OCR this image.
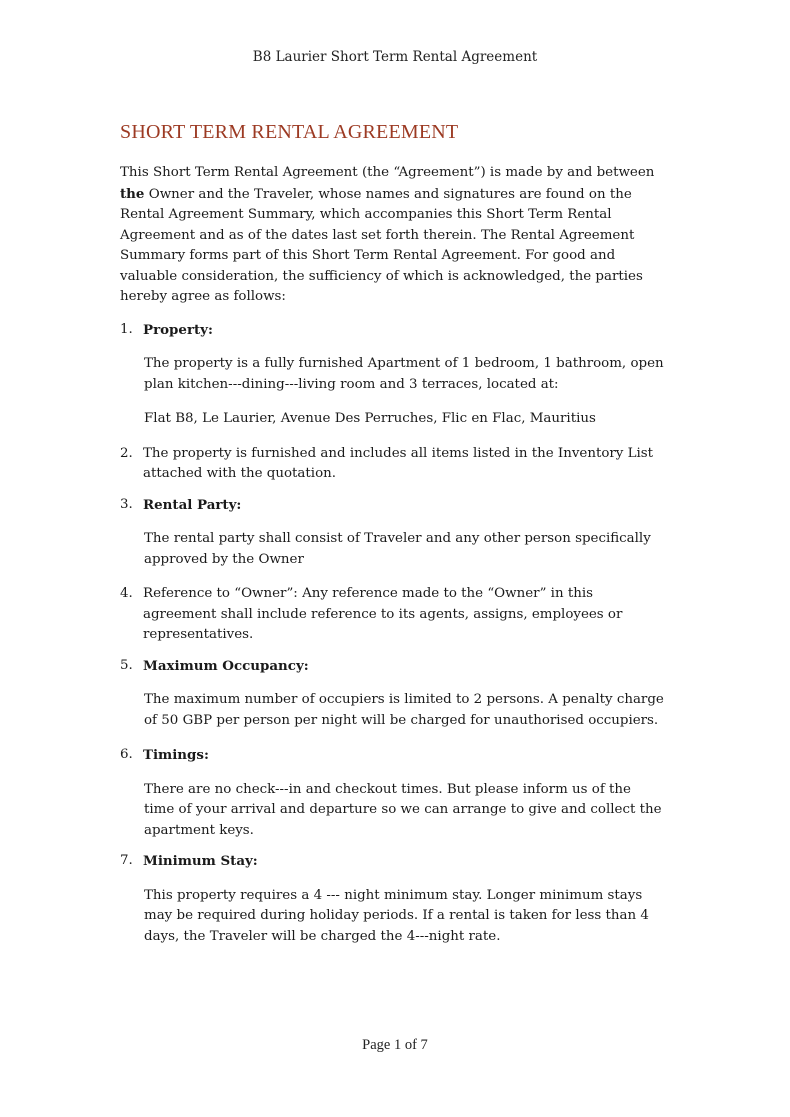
B8 Laurier Short Term Rental Agreement
SHORT TERM RENTAL AGREEMENT

This Short Term Rental Agreement (the “Agreement”) is made by and between the Owner and the Traveler, whose names and signatures are found on the Rental Agreement Summary, which accompanies this Short Term Rental Agreement and as of the dates last set forth therein. The Rental Agreement Summary forms part of this Short Term Rental Agreement. For good and valuable consideration, the sufficiency of which is acknowledged, the parties hereby agree as follows:

1. Property:

The property is a fully furnished Apartment of 1 bedroom, 1 bathroom, open plan kitchen---dining---living room and 3 terraces, located at:

Flat B8, Le Laurier, Avenue Des Perruches, Flic en Flac, Mauritius

2. The property is furnished and includes all items listed in the Inventory List attached with the quotation.

3. Rental Party:

The rental party shall consist of Traveler and any other person specifically approved by the Owner

4. Reference to “Owner”: Any reference made to the “Owner” in this agreement shall include reference to its agents, assigns, employees or representatives.

5. Maximum Occupancy:

The maximum number of occupiers is limited to 2 persons. A penalty charge of 50 GBP per person per night will be charged for unauthorised occupiers.

6. Timings:

There are no check---in and checkout times. But please inform us of the time of your arrival and departure so we can arrange to give and collect the apartment keys.

7. Minimum Stay:

This property requires a 4 --- night minimum stay. Longer minimum stays may be required during holiday periods. If a rental is taken for less than 4 days, the Traveler will be charged the 4---night rate.

Page 1 of 7
